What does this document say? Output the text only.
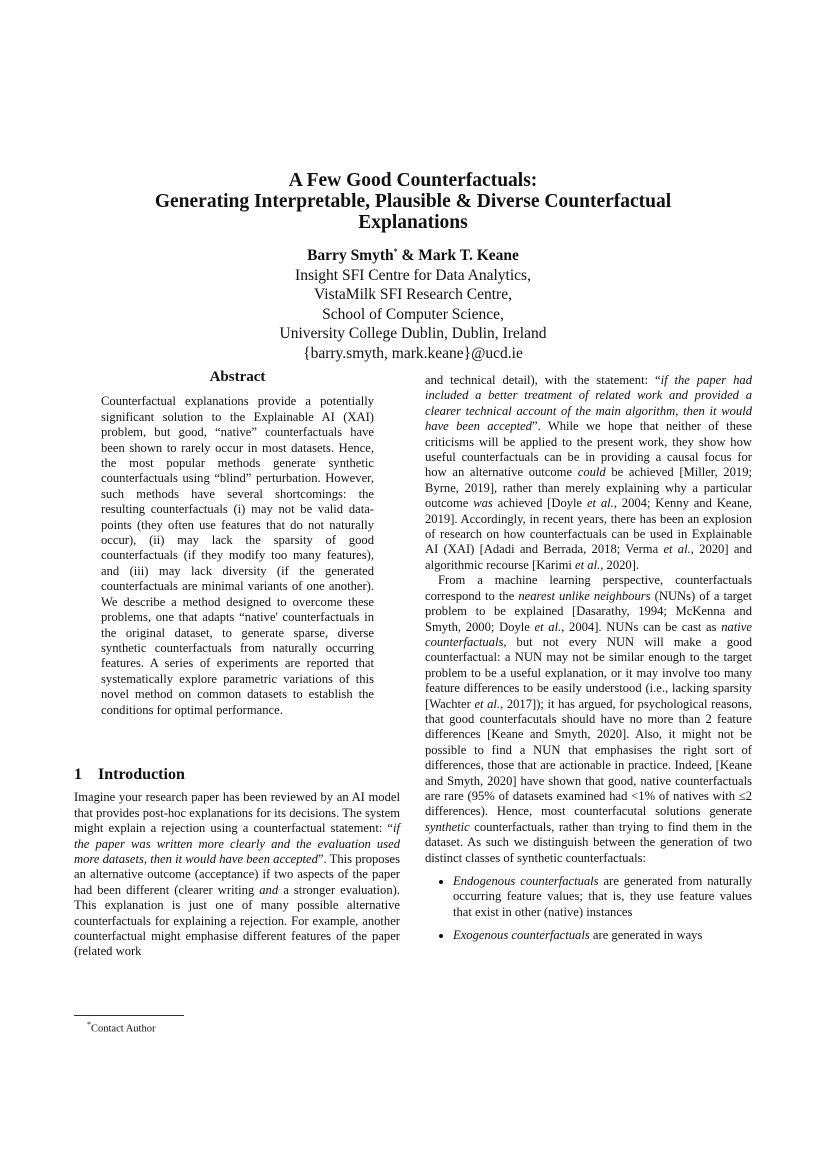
A Few Good Counterfactuals:
Generating Interpretable, Plausible & Diverse Counterfactual
Explanations
Barry Smyth* & Mark T. Keane
Insight SFI Centre for Data Analytics,
VistaMilk SFI Research Centre,
School of Computer Science,
University College Dublin, Dublin, Ireland
{barry.smyth, mark.keane}@ucd.ie
Abstract

Counterfactual explanations provide a potentially significant solution to the Explainable AI (XAI) problem, but good, “native” counterfactuals have been shown to rarely occur in most datasets. Hence, the most popular methods generate synthetic counterfactuals using “blind” perturbation. However, such methods have several shortcomings: the resulting counterfactuals (i) may not be valid data-points (they often use features that do not naturally occur), (ii) may lack the sparsity of good counterfactuals (if they modify too many features), and (iii) may lack diversity (if the generated counterfactuals are minimal variants of one another). We describe a method designed to overcome these problems, one that adapts “native' counterfactuals in the original dataset, to generate sparse, diverse synthetic counterfactuals from naturally occurring features. A series of experiments are reported that systematically explore parametric variations of this novel method on common datasets to establish the conditions for optimal performance.

1 Introduction

Imagine your research paper has been reviewed by an AI model that provides post-hoc explanations for its decisions. The system might explain a rejection using a counterfactual statement: “if the paper was written more clearly and the evaluation used more datasets, then it would have been accepted”. This proposes an alternative outcome (acceptance) if two aspects of the paper had been different (clearer writing and a stronger evaluation). This explanation is just one of many possible alternative counterfactuals for explaining a rejection. For example, another counterfactual might emphasise different features of the paper (related work

and technical detail), with the statement: “if the paper had included a better treatment of related work and provided a clearer technical account of the main algorithm, then it would have been accepted”. While we hope that neither of these criticisms will be applied to the present work, they show how useful counterfactuals can be in providing a causal focus for how an alternative outcome could be achieved [Miller, 2019; Byrne, 2019], rather than merely explaining why a particular outcome was achieved [Doyle et al., 2004; Kenny and Keane, 2019]. Accordingly, in recent years, there has been an explosion of research on how counterfactuals can be used in Explainable AI (XAI) [Adadi and Berrada, 2018; Verma et al., 2020] and algorithmic recourse [Karimi et al., 2020].

From a machine learning perspective, counterfactuals correspond to the nearest unlike neighbours (NUNs) of a target problem to be explained [Dasarathy, 1994; McKenna and Smyth, 2000; Doyle et al., 2004]. NUNs can be cast as native counterfactuals, but not every NUN will make a good counterfactual: a NUN may not be similar enough to the target problem to be a useful explanation, or it may involve too many feature differences to be easily understood (i.e., lacking sparsity [Wachter et al., 2017]); it has argued, for psychological reasons, that good counterfacutals should have no more than 2 feature differences [Keane and Smyth, 2020]. Also, it might not be possible to find a NUN that emphasises the right sort of differences, those that are actionable in practice. Indeed, [Keane and Smyth, 2020] have shown that good, native counterfactuals are rare (95% of datasets examined had <1% of natives with ≤2 differences). Hence, most counterfacutal solutions generate synthetic counterfactuals, rather than trying to find them in the dataset. As such we distinguish between the generation of two distinct classes of synthetic counterfactuals:

• Endogenous counterfactuals are generated from naturally occurring feature values; that is, they use feature values that exist in other (native) instances
• Exogenous counterfactuals are generated in ways
*Contact Author
